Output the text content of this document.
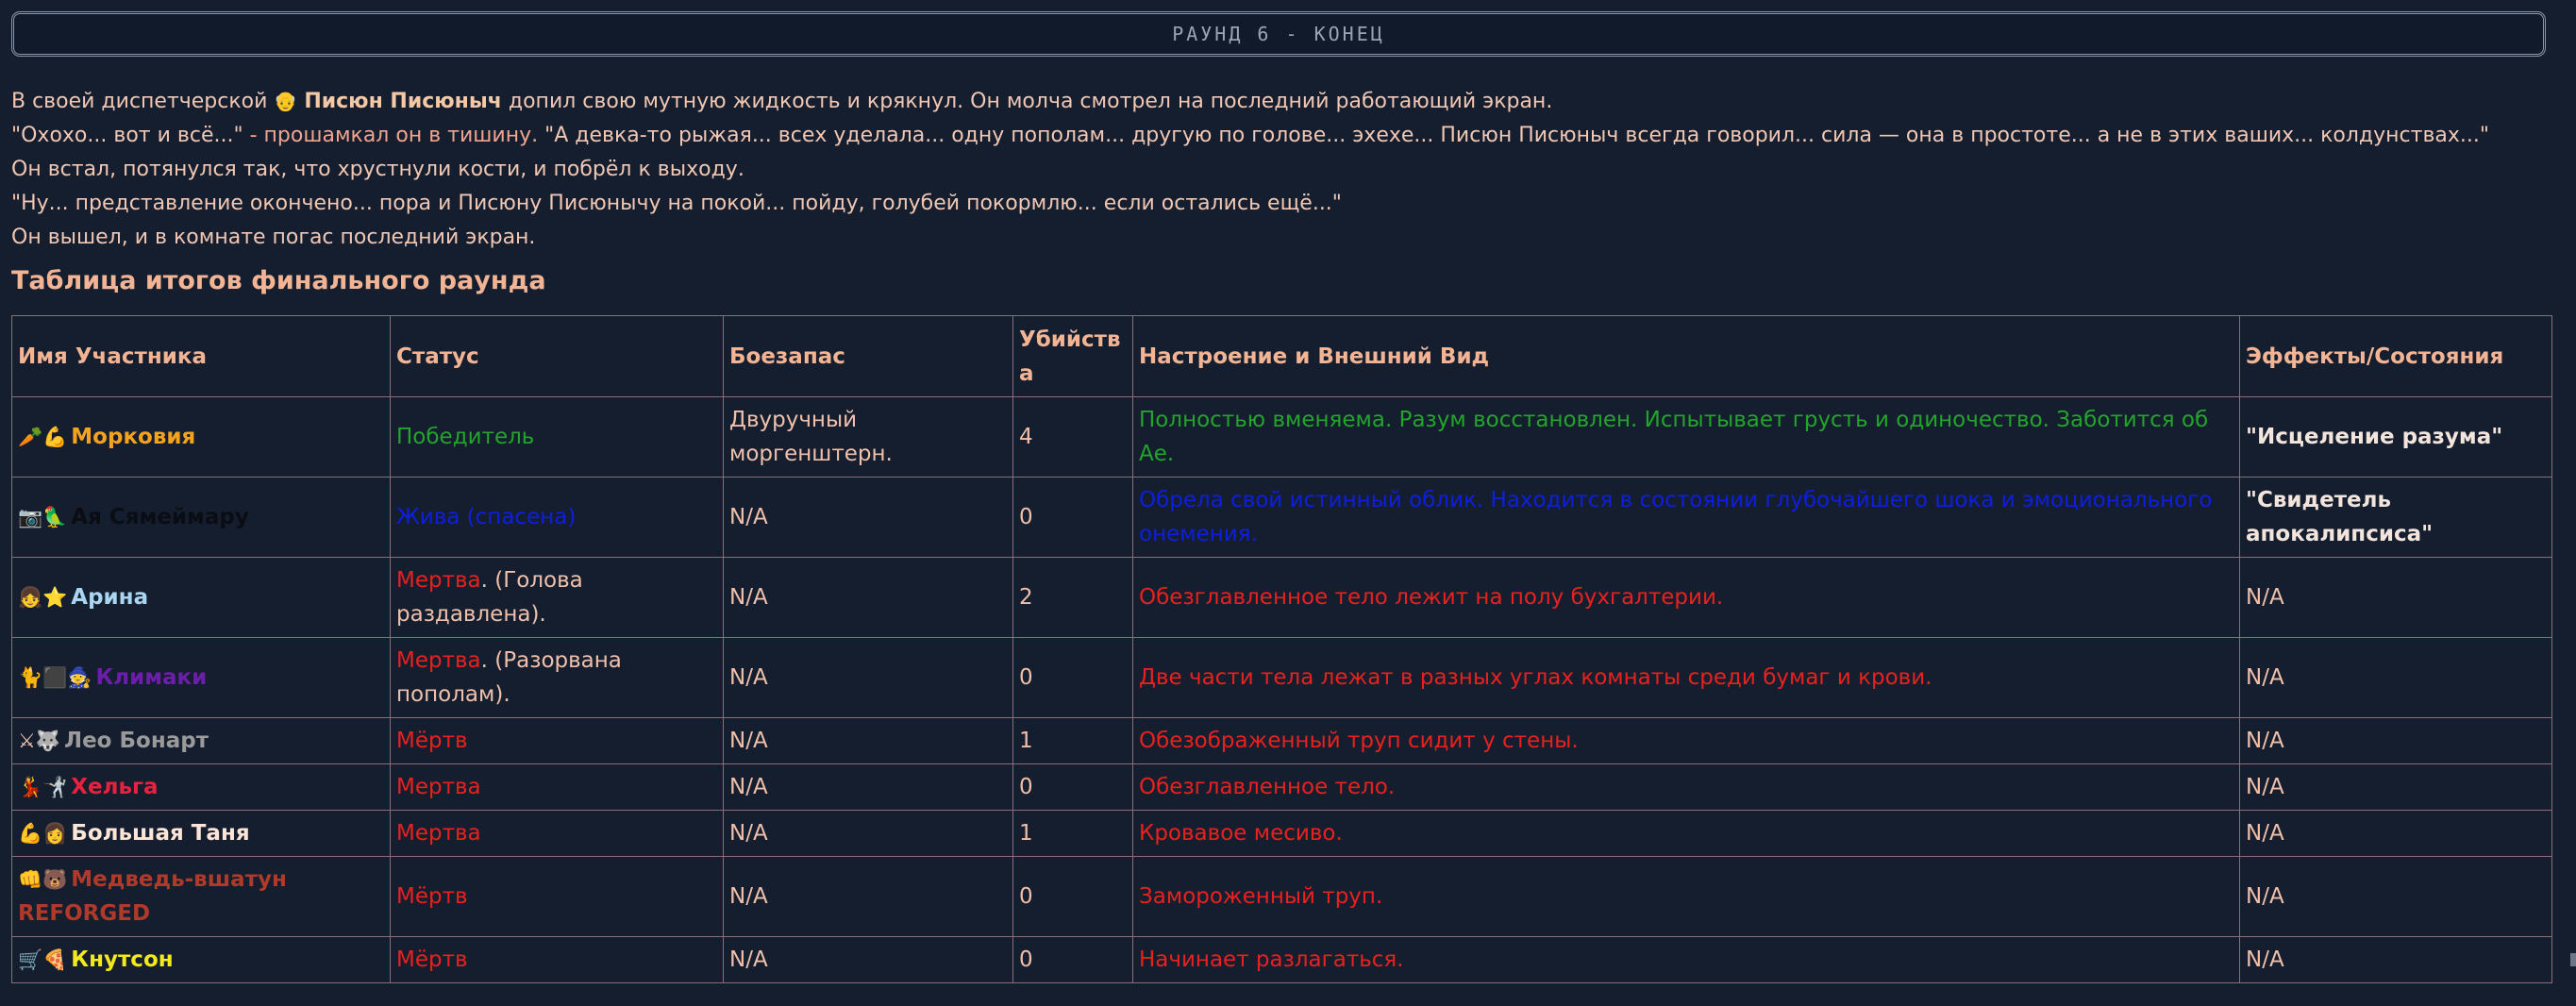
РАУНД 6 - КОНЕЦ

В своей диспетчерской 👴 Писюн Писюныч допил свою мутную жидкость и крякнул. Он молча смотрел на последний работающий экран.

"Охохо... вот и всё..." - прошамкал он в тишину. "А девка-то рыжая... всех уделала... одну пополам... другую по голове... эхехе... Писюн Писюныч всегда говорил... сила — она в простоте... а не в этих ваших... колдунствах..."

Он встал, потянулся так, что хрустнули кости, и побрёл к выходу.

"Ну... представление окончено... пора и Писюну Писюнычу на покой... пойду, голубей покормлю... если остались ещё..."

Он вышел, и в комнате погас последний экран.

Таблица итогов финального раунда
Имя Участника	Статус	Боезапас	Убийства	Настроение и Внешний Вид	Эффекты/Состояния
🥕💪 Морковия	Победитель	Двуручный моргенштерн.	4	Полностью вменяема. Разум восстановлен. Испытывает грусть и одиночество. Заботится об Ае.	"Исцеление разума"
📷🦜 Ая Сямеймару	Жива (спасена)	N/A	0	Обрела свой истинный облик. Находится в состоянии глубочайшего шока и эмоционального онемения.	"Свидетель апокалипсиса"
👧⭐ Арина	Мертва. (Голова раздавлена).	N/A	2	Обезглавленное тело лежит на полу бухгалтерии.	N/A
🐈⬛🧙 Климаки	Мертва. (Разорвана пополам).	N/A	0	Две части тела лежат в разных углах комнаты среди бумаг и крови.	N/A
⚔🐺 Лео Бонарт	Мёртв	N/A	1	Обезображенный труп сидит у стены.	N/A
💃🤺 Хельга	Мертва	N/A	0	Обезглавленное тело.	N/A
💪👩 Большая Таня	Мертва	N/A	1	Кровавое месиво.	N/A
👊🐻 Медведь-вшатун REFORGED	Мёртв	N/A	0	Замороженный труп.	N/A
🛒🍕 Кнутсон	Мёртв	N/A	0	Начинает разлагаться.	N/A
